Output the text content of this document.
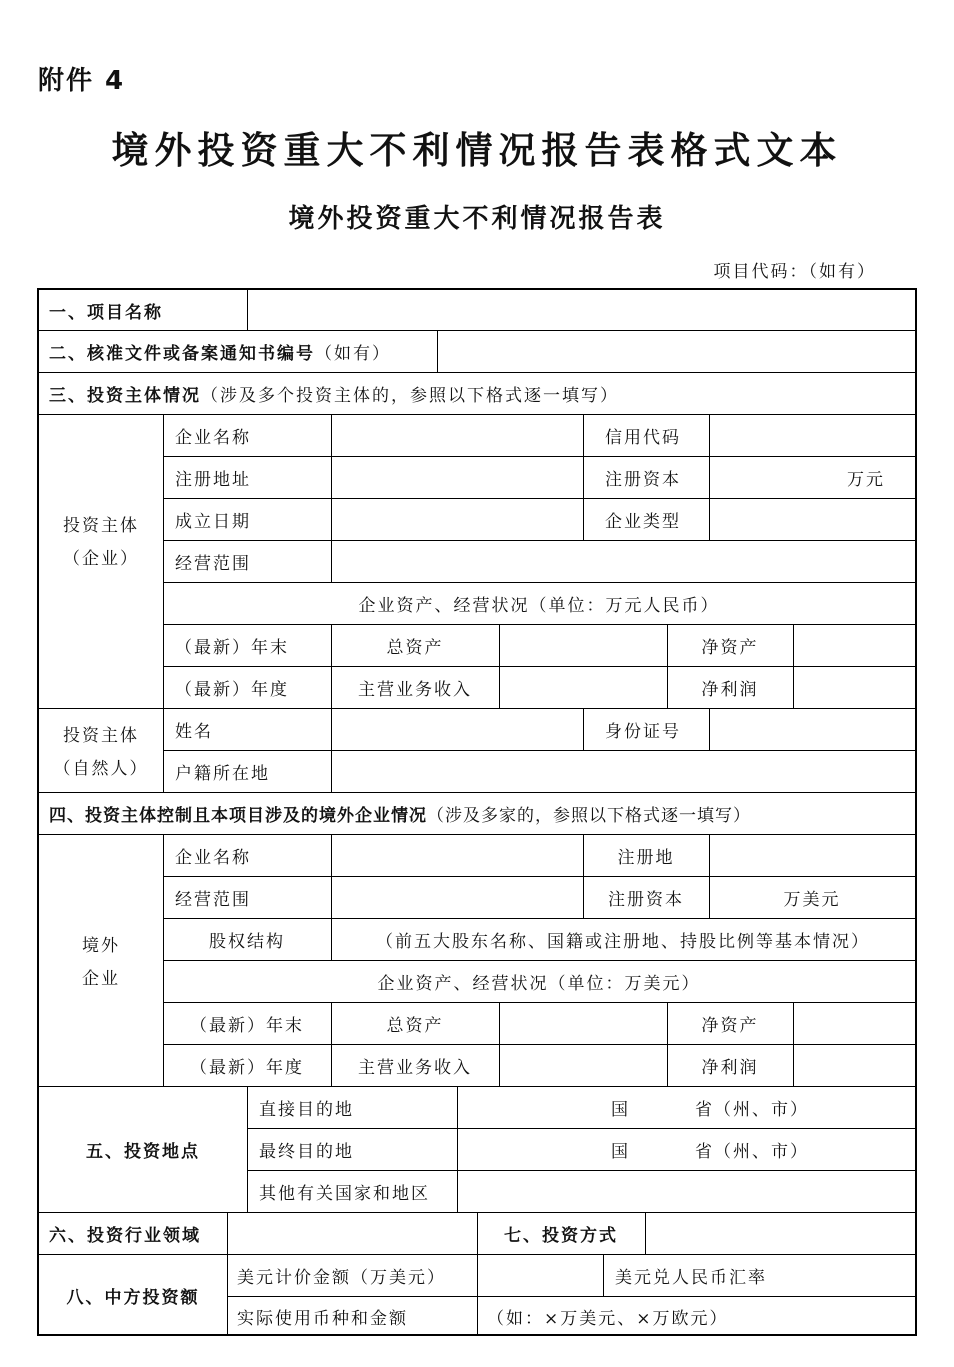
附件 4
境外投资重大不利情况报告表格式文本
境外投资重大不利情况报告表
项目代码：（如有）
一、项目名称
二、核准文件或备案通知书编号 （如有）
三、投资主体情况 （涉及多个投资主体的，参照以下格式逐一填写）
投资主体
（企业）
企业名称	信用代码
注册地址	注册资本	万元
成立日期	企业类型
经营范围
企业资产、经营状况（单位：万元人民币）
（最新）年末	总资产	净资产
（最新）年度	主营业务收入	净利润
投资主体
（自然人）
姓名	身份证号
户籍所在地
四、投资主体控制且本项目涉及的境外企业情况 （涉及多家的，参照以下格式逐一填写）
境外
企业
企业名称	注册地
经营范围	注册资本	万美元
股权结构	（前五大股东名称、国籍或注册地、持股比例等基本情况）
企业资产、经营状况（单位：万美元）
（最新）年末	总资产	净资产
（最新）年度	主营业务收入	净利润
五、投资地点
直接目的地	国	省（州、市）
最终目的地	国	省（州、市）
其他有关国家和地区
六、投资行业领域	七、投资方式
八、中方投资额
美元计价金额（万美元）	美元兑人民币汇率
实际使用币种和金额	（如：×万美元、×万欧元）
